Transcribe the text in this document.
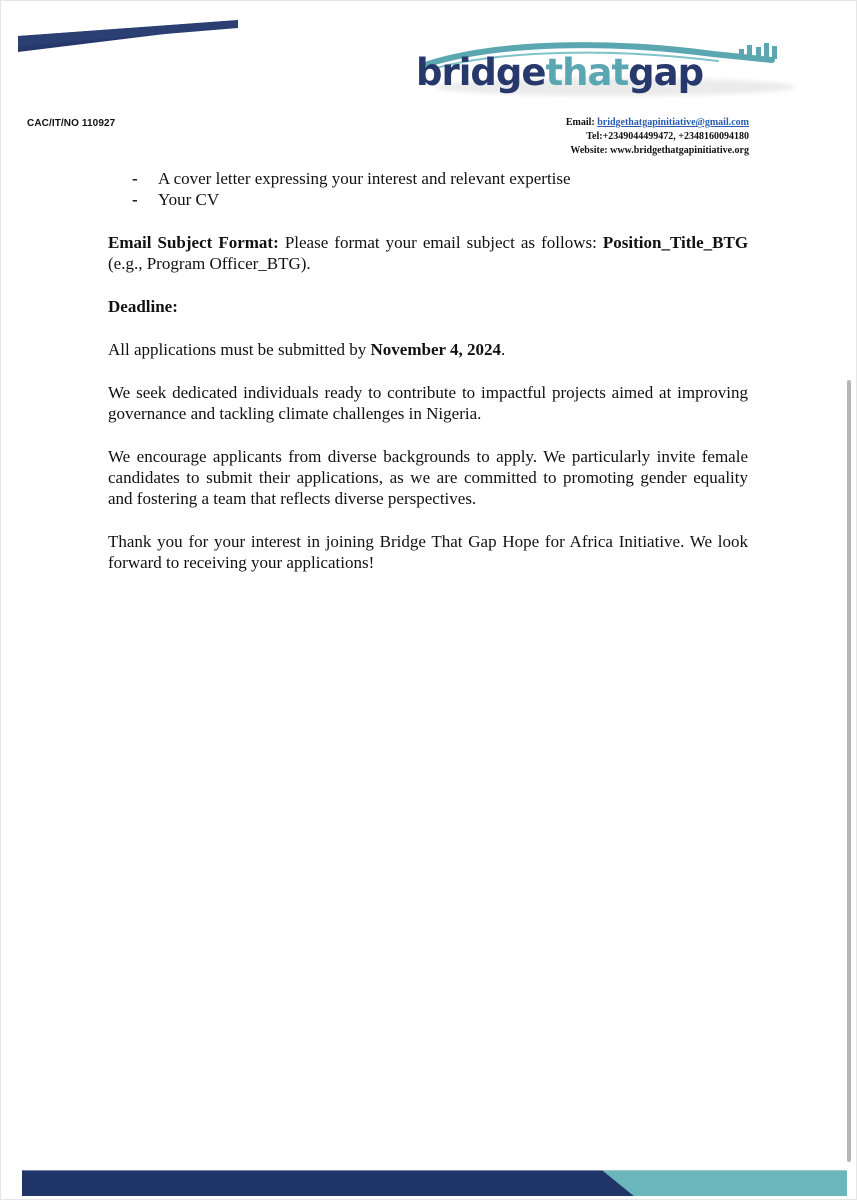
bridgethatgap
CAC/IT/NO 110927	Email: bridgethatgapinitiative@gmail.com
Tel:+2349044499472, +2348160094180
Website: www.bridgethatgapinitiative.org
- A cover letter expressing your interest and relevant expertise
- Your CV

Email Subject Format: Please format your email subject as follows: Position_Title_BTG (e.g., Program Officer_BTG).

Deadline:

All applications must be submitted by November 4, 2024.

We seek dedicated individuals ready to contribute to impactful projects aimed at improving governance and tackling climate challenges in Nigeria.

We encourage applicants from diverse backgrounds to apply. We particularly invite female candidates to submit their applications, as we are committed to promoting gender equality and fostering a team that reflects diverse perspectives.

Thank you for your interest in joining Bridge That Gap Hope for Africa Initiative. We look forward to receiving your applications!
